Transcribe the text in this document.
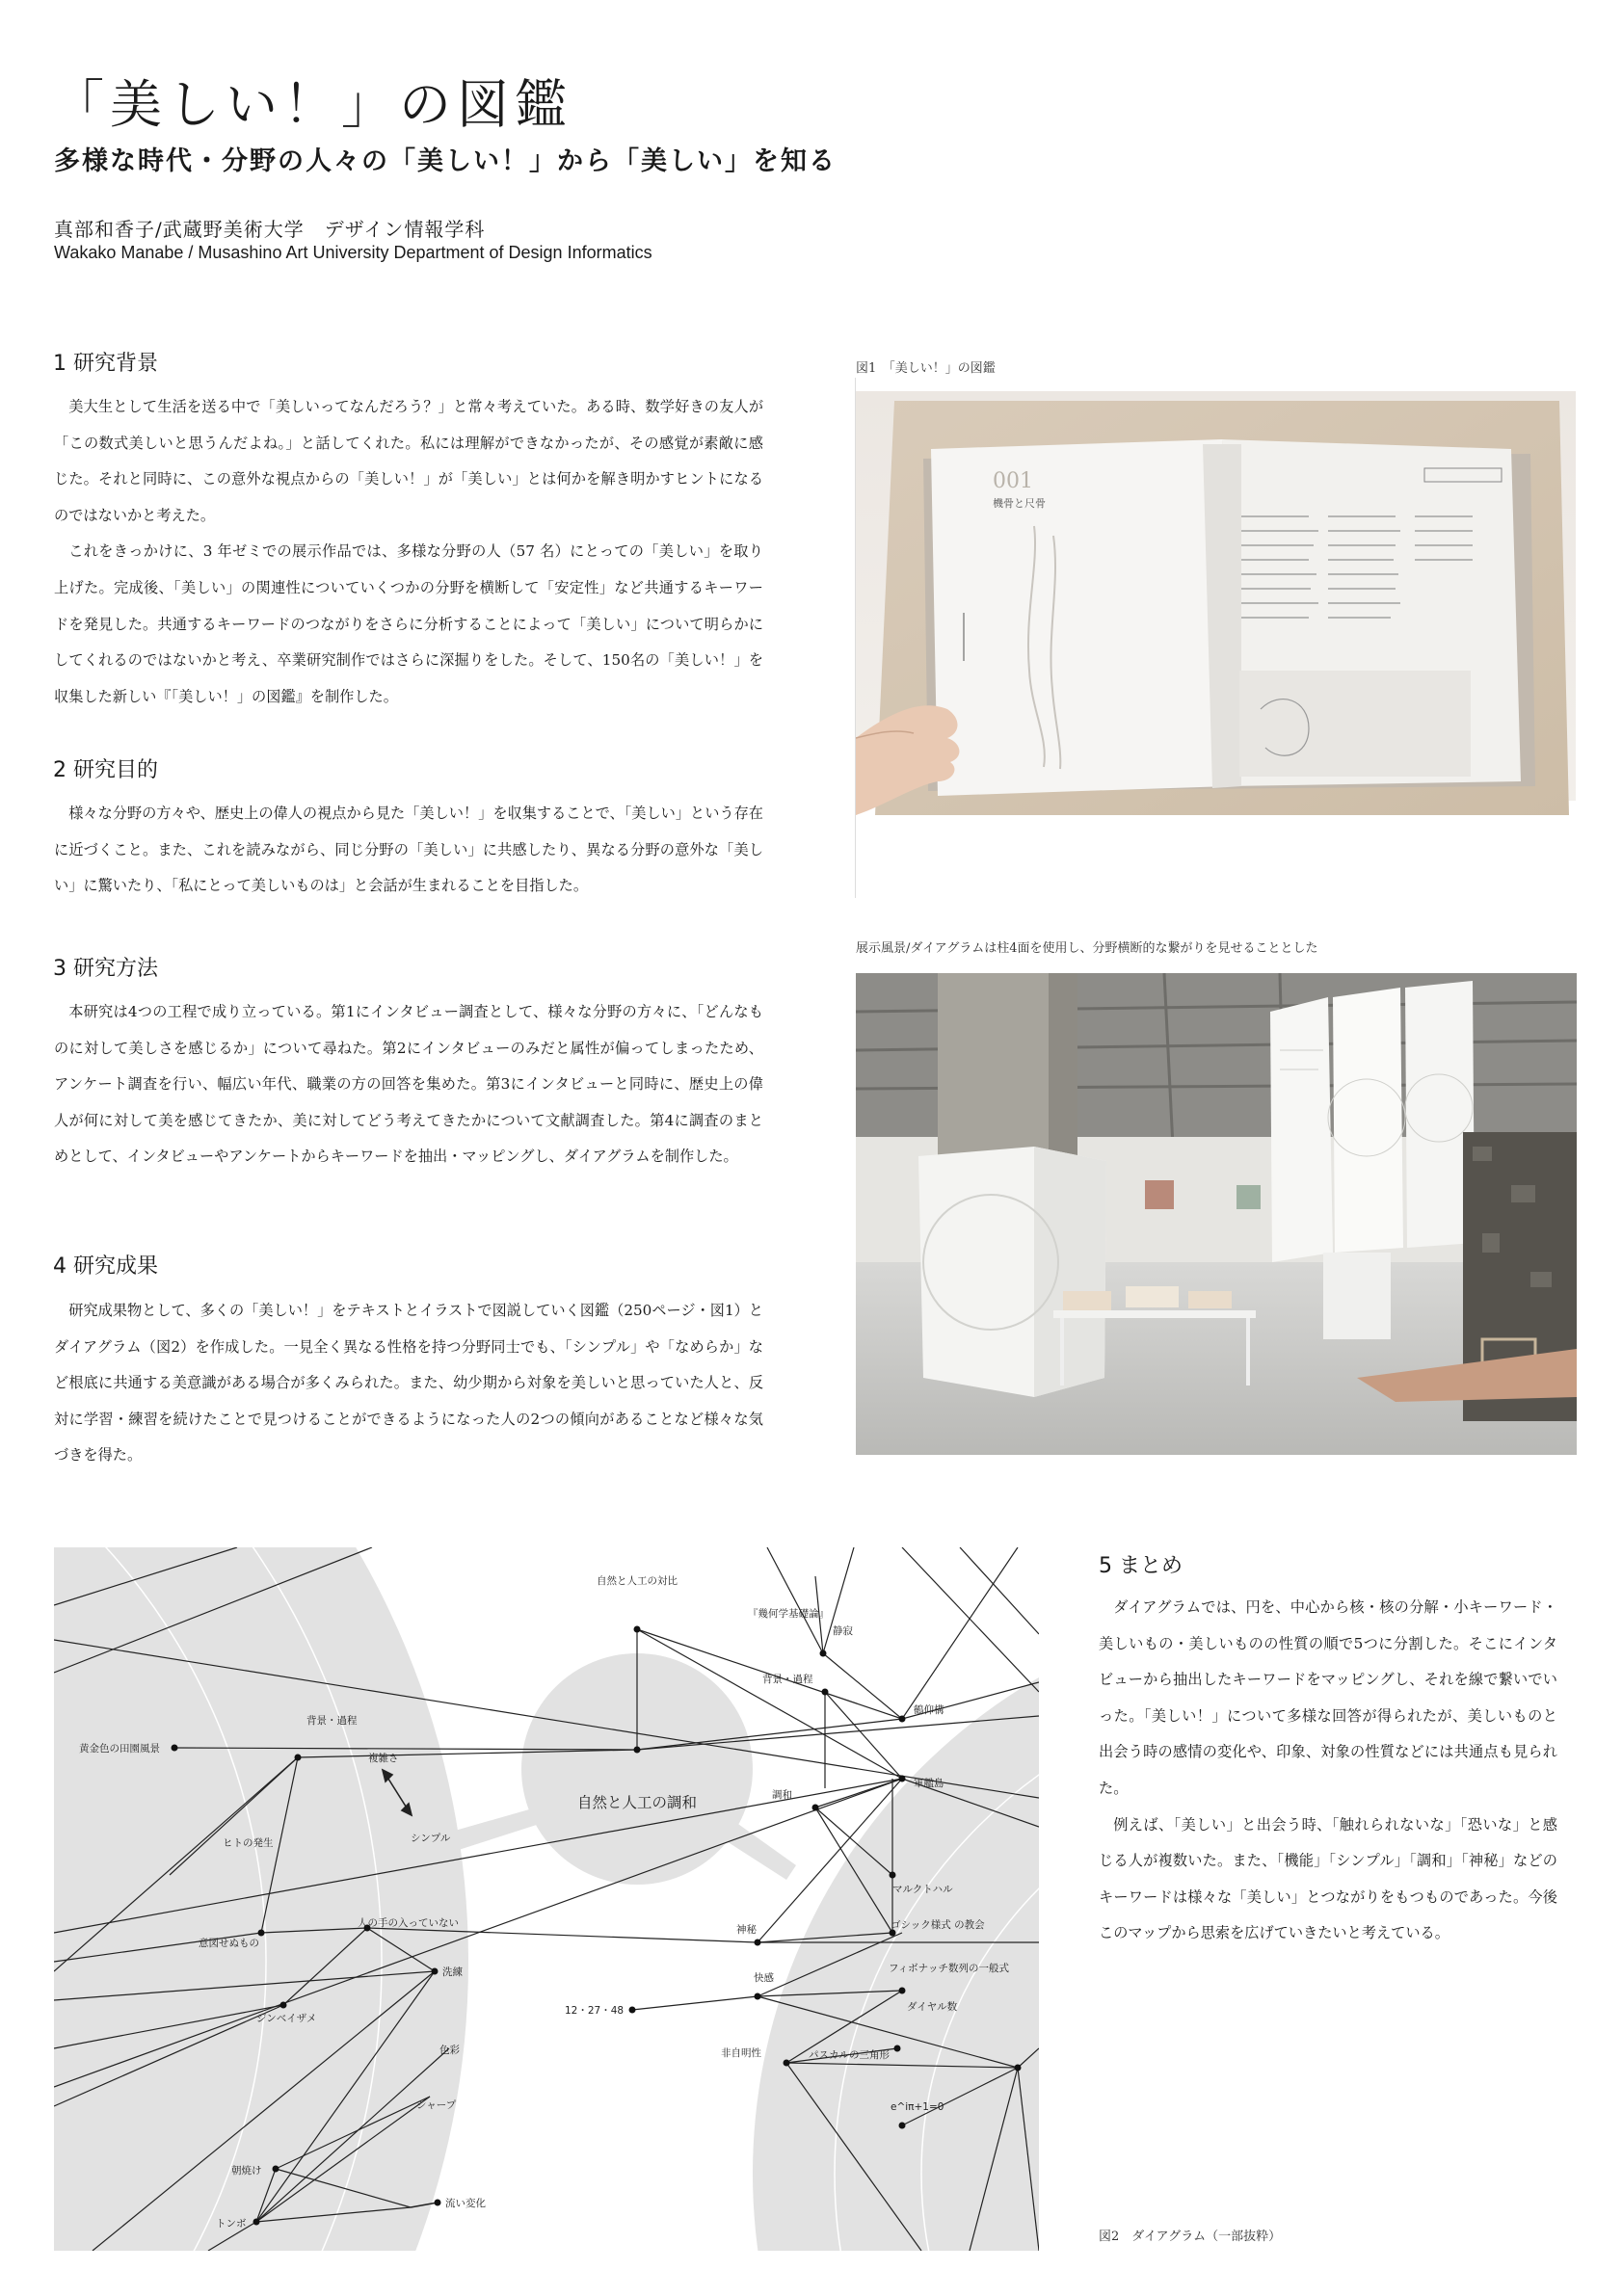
「美しい！」の図鑑
多様な時代・分野の人々の「美しい！」から「美しい」を知る
真部和香子/武蔵野美術大学　デザイン情報学科
Wakako Manabe / Musashino Art University Department of Design Informatics
1 研究背景

美大生として生活を送る中で「美しいってなんだろう？」と常々考えていた。ある時、数学好きの友人が「この数式美しいと思うんだよね。」と話してくれた。私には理解ができなかったが、その感覚が素敵に感じた。それと同時に、この意外な視点からの「美しい！」が「美しい」とは何かを解き明かすヒントになるのではないかと考えた。

これをきっかけに、3 年ゼミでの展示作品では、多様な分野の人（57 名）にとっての「美しい」を取り上げた。完成後、「美しい」の関連性についていくつかの分野を横断して「安定性」など共通するキーワードを発見した。共通するキーワードのつながりをさらに分析することによって「美しい」について明らかにしてくれるのではないかと考え、卒業研究制作ではさらに深掘りをした。そして、150名の「美しい！」を収集した新しい『「美しい！」の図鑑』を制作した。

2 研究目的

様々な分野の方々や、歴史上の偉人の視点から見た「美しい！」を収集することで、「美しい」という存在に近づくこと。また、これを読みながら、同じ分野の「美しい」に共感したり、異なる分野の意外な「美しい」に驚いたり、「私にとって美しいものは」と会話が生まれることを目指した。

3 研究方法

本研究は4つの工程で成り立っている。第1にインタビュー調査として、様々な分野の方々に、「どんなものに対して美しさを感じるか」について尋ねた。第2にインタビューのみだと属性が偏ってしまったため、アンケート調査を行い、幅広い年代、職業の方の回答を集めた。第3にインタビューと同時に、歴史上の偉人が何に対して美を感じてきたか、美に対してどう考えてきたかについて文献調査した。第4に調査のまとめとして、インタビューやアンケートからキーワードを抽出・マッピングし、ダイアグラムを制作した。

4 研究成果

研究成果物として、多くの「美しい！」をテキストとイラストで図説していく図鑑（250ページ・図1）とダイアグラム（図2）を作成した。一見全く異なる性格を持つ分野同士でも、「シンプル」や「なめらか」など根底に共通する美意識がある場合が多くみられた。また、幼少期から対象を美しいと思っていた人と、反対に学習・練習を続けたことで見つけることができるようになった人の2つの傾向があることなど様々な気づきを得た。

図1　「美しい！」の図鑑
001
機骨と尺骨
展示風景/ダイアグラムは柱4面を使用し、分野横断的な繋がりを見せることとした
自然と人工の対比
『幾何学基礎論』
静寂
背景・過程
鶴仰構
軍艦島
背景・過程
黄金色の田園風景
複雑さ
シンプル
ヒトの発生
調和
マルクトハル
人の手の入っていない
意図せぬもの
神秘	ゴシック様式 の教会
快感
フィボナッチ数列の一般式
ジンベイザメ
洗練
12・27・48	ダイヤル数
非自明性	パスカルの三角形
色彩
シャープ	e^iπ+1=0
朝焼け
トンボ
流い変化
自然と人工の調和
5 まとめ

ダイアグラムでは、円を、中心から核・核の分解・小キーワード・美しいもの・美しいものの性質の順で5つに分割した。そこにインタビューから抽出したキーワードをマッピングし、それを線で繋いでいった。「美しい！」について多様な回答が得られたが、美しいものと出会う時の感情の変化や、印象、対象の性質などには共通点も見られた。

例えば、「美しい」と出会う時、「触れられないな」「恐いな」と感じる人が複数いた。また、「機能」「シンプル」「調和」「神秘」などのキーワードは様々な「美しい」とつながりをもつものであった。今後このマップから思索を広げていきたいと考えている。

図2　ダイアグラム（一部抜粋）
